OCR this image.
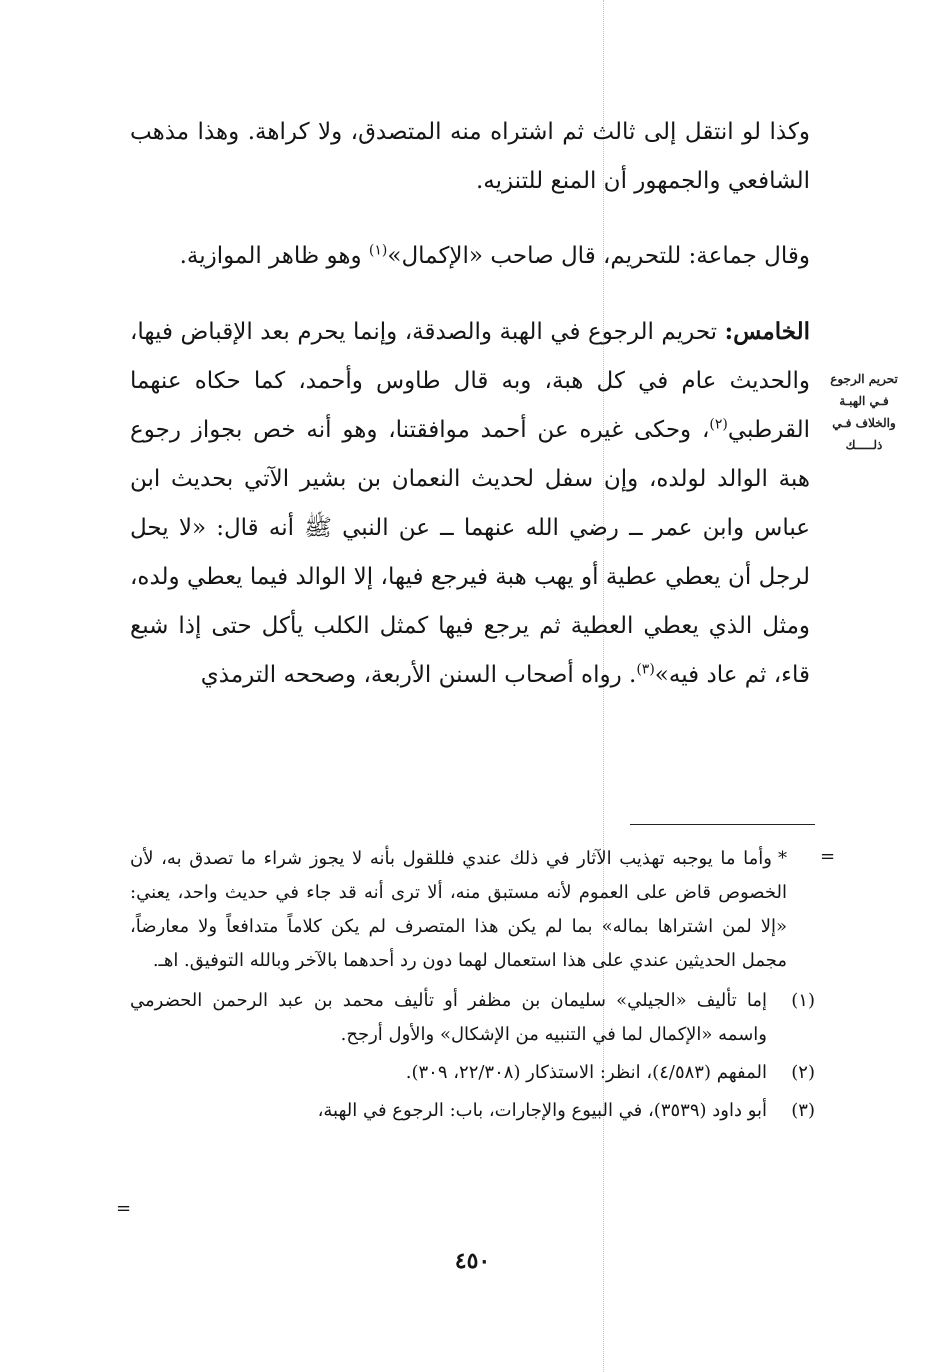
وكذا لو انتقل إلى ثالث ثم اشتراه منه المتصدق، ولا كراهة. وهذا مذهب الشافعي والجمهور أن المنع للتنزيه.

وقال جماعة: للتحريم، قال صاحب «الإكمال»$^{(١)}$ وهو ظاهر الموازية.

الخامس: تحريم الرجوع في الهبة والصدقة، وإنما يحرم بعد الإقباض فيها، والحديث عام في كل هبة، وبه قال طاوس وأحمد، كما حكاه عنهما القرطبي$^{(٢)}$، وحكى غيره عن أحمد موافقتنا، وهو أنه خص بجواز رجوع هبة الوالد لولده، وإن سفل لحديث النعمان بن بشير الآتي بحديث ابن عباس وابن عمر ــ رضي الله عنهما ــ عن النبي ﷺ أنه قال: «لا يحل لرجل أن يعطي عطية أو يهب هبة فيرجع فيها، إلا الوالد فيما يعطي ولده، ومثل الذي يعطي العطية ثم يرجع فيها كمثل الكلب يأكل حتى إذا شبع قاء، ثم عاد فيه»$^{(٣)}$. رواه أصحاب السنن الأربعة، وصححه الترمذي

تحريم الرجوع
فـي الهبـة
والخلاف فـي
ذلـــــك
=

*وأما ما يوجبه تهذيب الآثار في ذلك عندي فللقول بأنه لا يجوز شراء ما تصدق به، لأن الخصوص قاض على العموم لأنه مستبق منه، ألا ترى أنه قد جاء في حديث واحد، يعني: «إلا لمن اشتراها بماله» بما لم يكن هذا المتصرف لم يكن كلاماً متدافعاً ولا معارضاً، مجمل الحديثين عندي على هذا استعمال لهما دون رد أحدهما بالآخر وبالله التوفيق. اهـ.

(١)
إما تأليف «الجيلي» سليمان بن مظفر أو تأليف محمد بن عبد الرحمن الحضرمي واسمه «الإكمال لما في التنبيه من الإشكال» والأول أرجح.
(٢)
المفهم (٤/٥٨٣)، انظر: الاستذكار (٢٢/٣٠٨، ٣٠٩).
(٣)
أبو داود (٣٥٣٩)، في البيوع والإجارات، باب: الرجوع في الهبة،
=
٤٥٠
